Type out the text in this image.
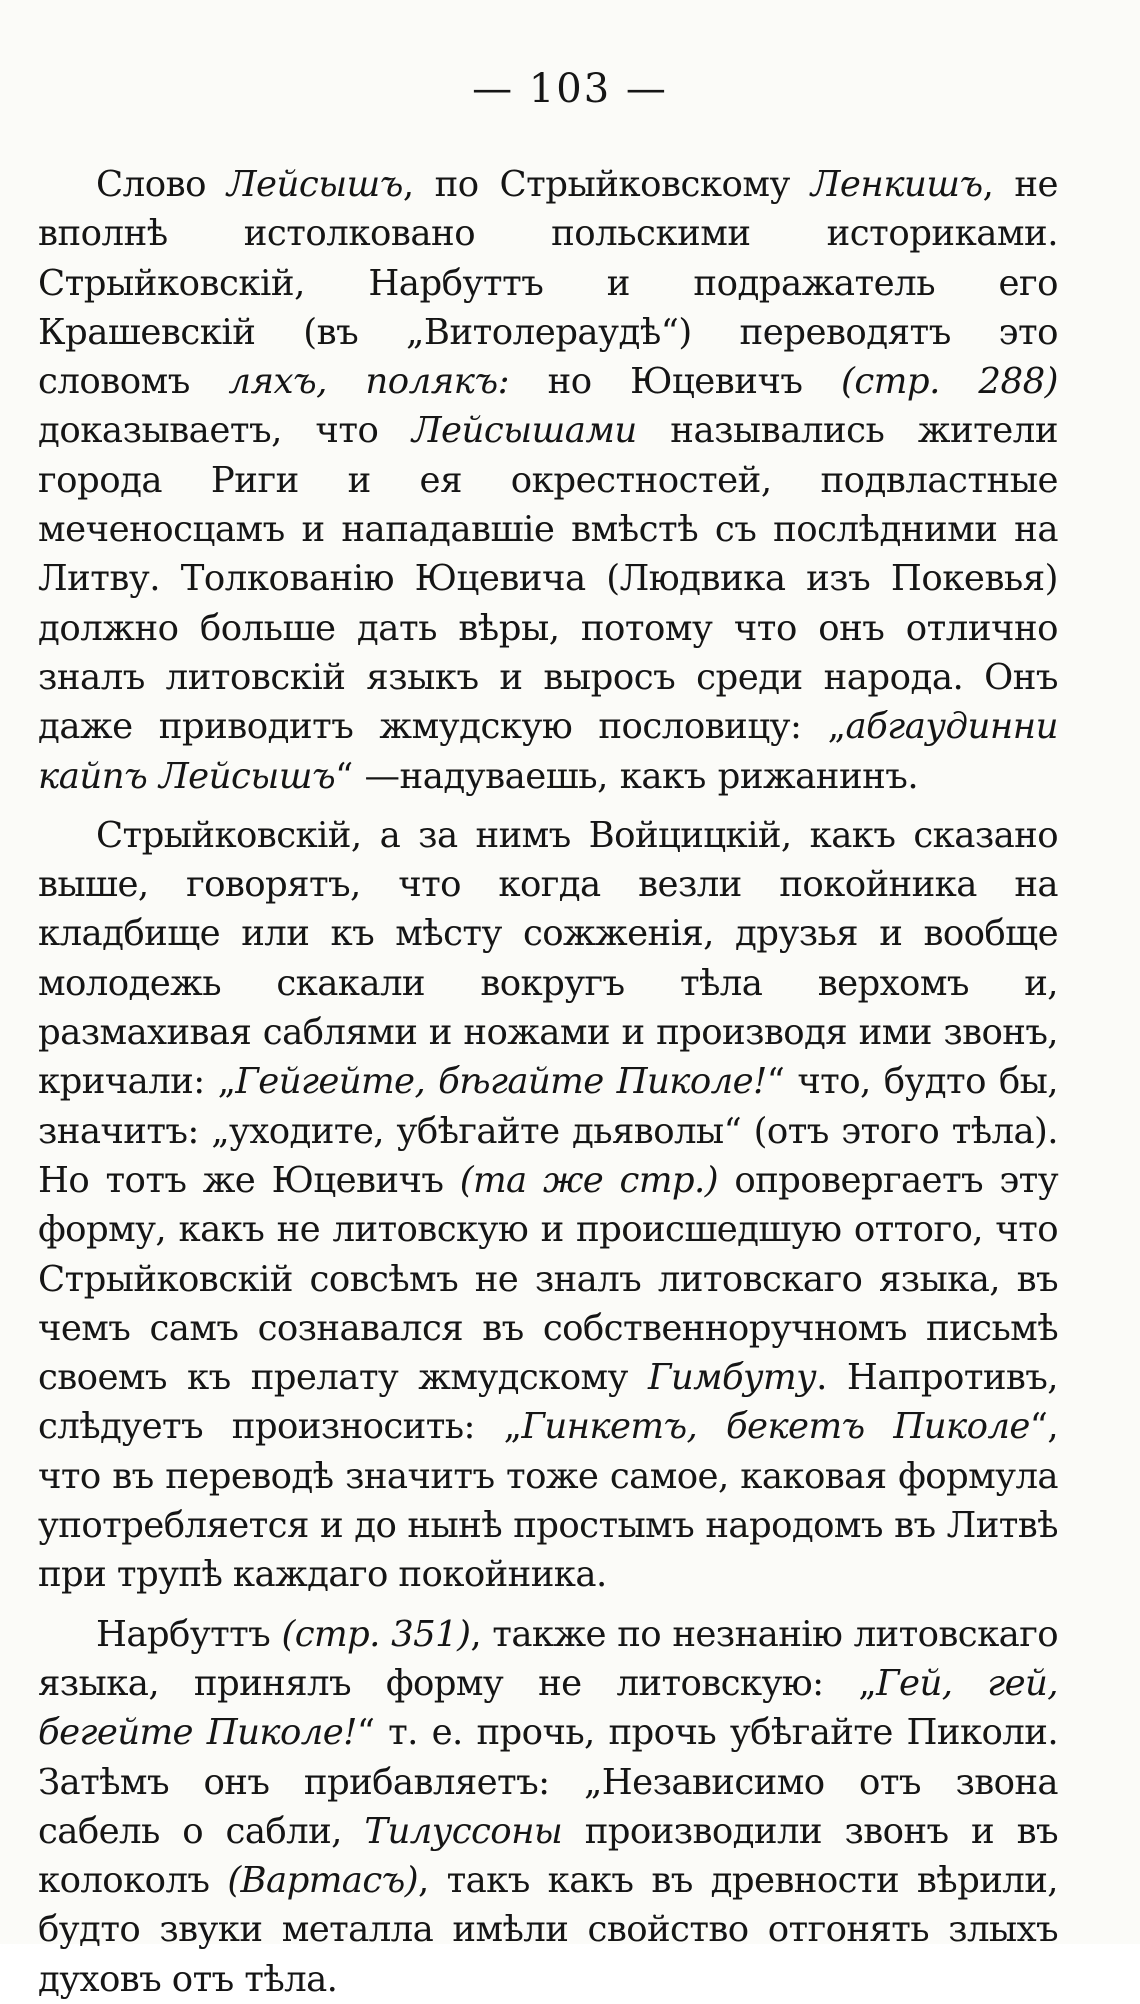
— 103 —

Слово Лейсышъ, по Стрыйковскому Ленкишъ, не вполнѣ истолковано польскими историками. Стрыйковскій, Нарбуттъ и подражатель его Крашевскій (въ „Витолераудѣ“) переводятъ это словомъ ляхъ, полякъ: но Юцевичъ (стр. 288) доказываетъ, что Лейсышами назывались жители города Риги и ея окрестностей, подвластные меченосцамъ и нападавшіе вмѣстѣ съ послѣдними на Литву. Толкованію Юцевича (Людвика изъ Покевья) должно больше дать вѣры, потому что онъ отлично зналъ литовскій языкъ и выросъ среди народа. Онъ даже приводитъ жмудскую пословицу: „абгаудинни кайпъ Лейсышъ“ —надуваешь, какъ рижанинъ.

Стрыйковскій, а за нимъ Войцицкій, какъ сказано выше, говорятъ, что когда везли покойника на кладбище или къ мѣсту сожженія, друзья и вообще молодежь скакали вокругъ тѣла верхомъ и, размахивая саблями и ножами и производя ими звонъ, кричали: „Гейгейте, бѣгайте Пиколе!“ что, будто бы, значитъ: „уходите, убѣгайте дьяволы“ (отъ этого тѣла). Но тотъ же Юцевичъ (та же стр.) опровергаетъ эту форму, какъ не литовскую и происшедшую оттого, что Стрыйковскій совсѣмъ не зналъ литовскаго языка, въ чемъ самъ сознавался въ собственноручномъ письмѣ своемъ къ прелату жмудскому Гимбуту. Напротивъ, слѣдуетъ произносить: „Гинкетъ, бекетъ Пиколе“, что въ переводѣ значитъ тоже самое, каковая формула употребляется и до нынѣ простымъ народомъ въ Литвѣ при трупѣ каждаго покойника.

Нарбуттъ (стр. 351), также по незнанію литовскаго языка, принялъ форму не литовскую: „Гей, гей, бегейте Пиколе!“ т. е. прочь, прочь убѣгайте Пиколи. Затѣмъ онъ прибавляетъ: „Независимо отъ звона сабель о сабли, Тилуссоны производили звонъ и въ колоколъ (Вартасъ), такъ какъ въ древности вѣрили, будто звуки металла имѣли свойство отгонять злыхъ духовъ отъ тѣла.
